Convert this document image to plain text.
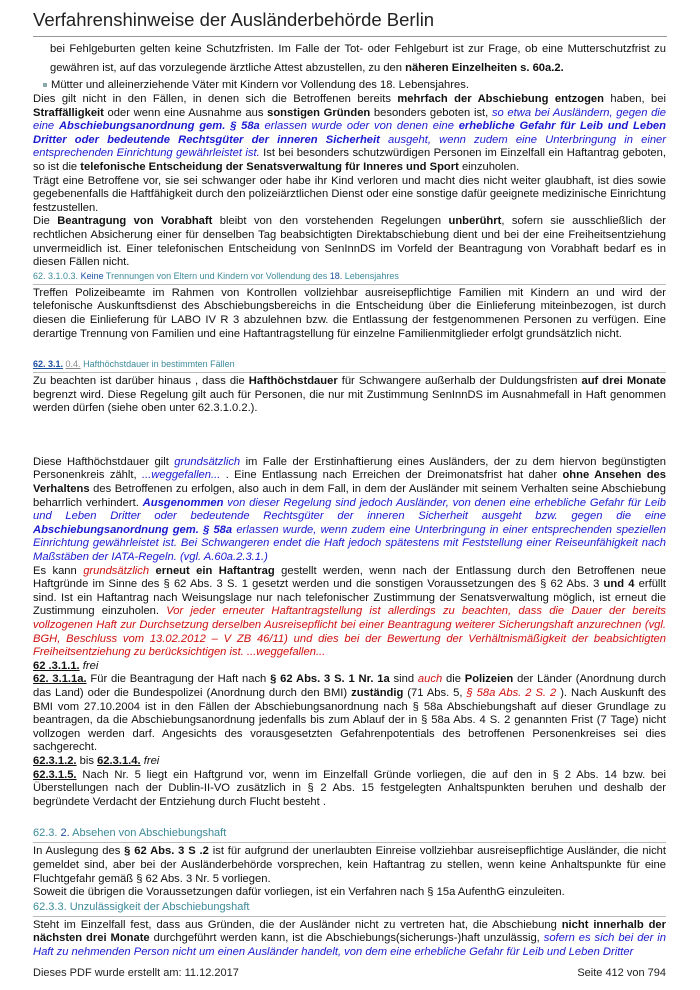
Verfahrenshinweise der Ausländerbehörde Berlin

bei Fehlgeburten gelten keine Schutzfristen. Im Falle der Tot- oder Fehlgeburt ist zur Frage, ob eine Mutterschutzfrist zu gewähren ist, auf das vorzulegende ärztliche Attest abzustellen, zu den näheren Einzelheiten s. 60a.2.

Mütter und alleinerziehende Väter mit Kindern vor Vollendung des 18. Lebensjahres.

Dies gilt nicht in den Fällen, in denen sich die Betroffenen bereits mehrfach der Abschiebung entzogen haben, bei Straffälligkeit oder wenn eine Ausnahme aus sonstigen Gründen besonders geboten ist, so etwa bei Ausländern, gegen die eine Abschiebungsanordnung gem. § 58a erlassen wurde oder von denen eine erhebliche Gefahr für Leib und Leben Dritter oder bedeutende Rechtsgüter der inneren Sicherheit ausgeht, wenn zudem eine Unterbringung in einer entsprechenden Einrichtung gewährleistet ist. Ist bei besonders schutzwürdigen Personen im Einzelfall ein Haftantrag geboten, so ist die telefonische Entscheidung der Senatsverwaltung für Inneres und Sport einzuholen.

Trägt eine Betroffene vor, sie sei schwanger oder habe ihr Kind verloren und macht dies nicht weiter glaubhaft, ist dies sowie gegebenenfalls die Haftfähigkeit durch den polizeiärztlichen Dienst oder eine sonstige dafür geeignete medizinische Einrichtung festzustellen.

Die Beantragung von Vorabhaft bleibt von den vorstehenden Regelungen unberührt, sofern sie ausschließlich der rechtlichen Absicherung einer für denselben Tag beabsichtigten Direktabschiebung dient und bei der eine Freiheitsentziehung unvermeidlich ist. Einer telefonischen Entscheidung von SenInnDS im Vorfeld der Beantragung von Vorabhaft bedarf es in diesen Fällen nicht.

62. 3.1.0.3. Keine Trennungen von Eltern und Kindern vor Vollendung des 18. Lebensjahres

Treffen Polizeibeamte im Rahmen von Kontrollen vollziehbar ausreisepflichtige Familien mit Kindern an und wird der telefonische Auskunftsdienst des Abschiebungsbereichs in die Entscheidung über die Einlieferung miteinbezogen, ist durch diesen die Einlieferung für LABO IV R 3 abzulehnen bzw. die Entlassung der festgenommenen Personen zu verfügen. Eine derartige Trennung von Familien und eine Haftantragstellung für einzelne Familienmitglieder erfolgt grundsätzlich nicht.

62. 3.1. 0.4. Hafthöchstdauer in bestimmten Fällen

Zu beachten ist darüber hinaus , dass die Hafthöchstdauer für Schwangere außerhalb der Duldungsfristen auf drei Monate begrenzt wird. Diese Regelung gilt auch für Personen, die nur mit Zustimmung SenInnDS im Ausnahmefall in Haft genommen werden dürfen (siehe oben unter 62.3.1.0.2.).

Diese Hafthöchstdauer gilt grundsätzlich im Falle der Erstinhaftierung eines Ausländers, der zu dem hiervon begünstigten Personenkreis zählt, ...weggefallen... . Eine Entlassung nach Erreichen der Dreimonatsfrist hat daher ohne Ansehen des Verhaltens des Betroffenen zu erfolgen, also auch in dem Fall, in dem der Ausländer mit seinem Verhalten seine Abschiebung beharrlich verhindert. Ausgenommen von dieser Regelung sind jedoch Ausländer, von denen eine erhebliche Gefahr für Leib und Leben Dritter oder bedeutende Rechtsgüter der inneren Sicherheit ausgeht bzw. gegen die eine Abschiebungsanordnung gem. § 58a erlassen wurde, wenn zudem eine Unterbringung in einer entsprechenden speziellen Einrichtung gewährleistet ist. Bei Schwangeren endet die Haft jedoch spätestens mit Feststellung einer Reiseunfähigkeit nach Maßstäben der IATA-Regeln. (vgl. A.60a.2.3.1.)

Es kann grundsätzlich erneut ein Haftantrag gestellt werden, wenn nach der Entlassung durch den Betroffenen neue Haftgründe im Sinne des § 62 Abs. 3 S. 1 gesetzt werden und die sonstigen Voraussetzungen des § 62 Abs. 3 und 4 erfüllt sind. Ist ein Haftantrag nach Weisungslage nur nach telefonischer Zustimmung der Senatsverwaltung möglich, ist erneut die Zustimmung einzuholen. Vor jeder erneuter Haftantragstellung ist allerdings zu beachten, dass die Dauer der bereits vollzogenen Haft zur Durchsetzung derselben Ausreisepflicht bei einer Beantragung weiterer Sicherungshaft anzurechnen (vgl. BGH, Beschluss vom 13.02.2012 – V ZB 46/11) und dies bei der Bewertung der Verhältnismäßigkeit der beabsichtigten Freiheitsentziehung zu berücksichtigen ist. ...weggefallen...

62 .3.1.1. frei

62. 3.1.1a. Für die Beantragung der Haft nach § 62 Abs. 3 S. 1 Nr. 1a sind auch die Polizeien der Länder (Anordnung durch das Land) oder die Bundespolizei (Anordnung durch den BMI) zuständig (71 Abs. 5, § 58a Abs. 2 S. 2 ). Nach Auskunft des BMI vom 27.10.2004 ist in den Fällen der Abschiebungsanordnung nach § 58a Abschiebungshaft auf dieser Grundlage zu beantragen, da die Abschiebungsanordnung jedenfalls bis zum Ablauf der in § 58a Abs. 4 S. 2 genannten Frist (7 Tage) nicht vollzogen werden darf. Angesichts des vorausgesetzten Gefahrenpotentials des betroffenen Personenkreises sei dies sachgerecht.

62.3.1.2. bis 62.3.1.4. frei

62.3.1.5. Nach Nr. 5 liegt ein Haftgrund vor, wenn im Einzelfall Gründe vorliegen, die auf den in § 2 Abs. 14 bzw. bei Überstellungen nach der Dublin-II-VO zusätzlich in § 2 Abs. 15 festgelegten Anhaltspunkten beruhen und deshalb der begründete Verdacht der Entziehung durch Flucht besteht .

62.3. 2. Absehen von Abschiebungshaft

In Auslegung des § 62 Abs. 3 S .2 ist für aufgrund der unerlaubten Einreise vollziehbar ausreisepflichtige Ausländer, die nicht gemeldet sind, aber bei der Ausländerbehörde vorsprechen, kein Haftantrag zu stellen, wenn keine Anhaltspunkte für eine Fluchtgefahr gemäß § 62 Abs. 3 Nr. 5 vorliegen.

Soweit die übrigen die Voraussetzungen dafür vorliegen, ist ein Verfahren nach § 15a AufenthG einzuleiten.

62.3.3. Unzulässigkeit der Abschiebungshaft

Steht im Einzelfall fest, dass aus Gründen, die der Ausländer nicht zu vertreten hat, die Abschiebung nicht innerhalb der nächsten drei Monate durchgeführt werden kann, ist die Abschiebungs(sicherungs-)haft unzulässig, sofern es sich bei der in Haft zu nehmenden Person nicht um einen Ausländer handelt, von dem eine erhebliche Gefahr für Leib und Leben Dritter

Dieses PDF wurde erstellt am: 11.12.2017	Seite 412 von 794
